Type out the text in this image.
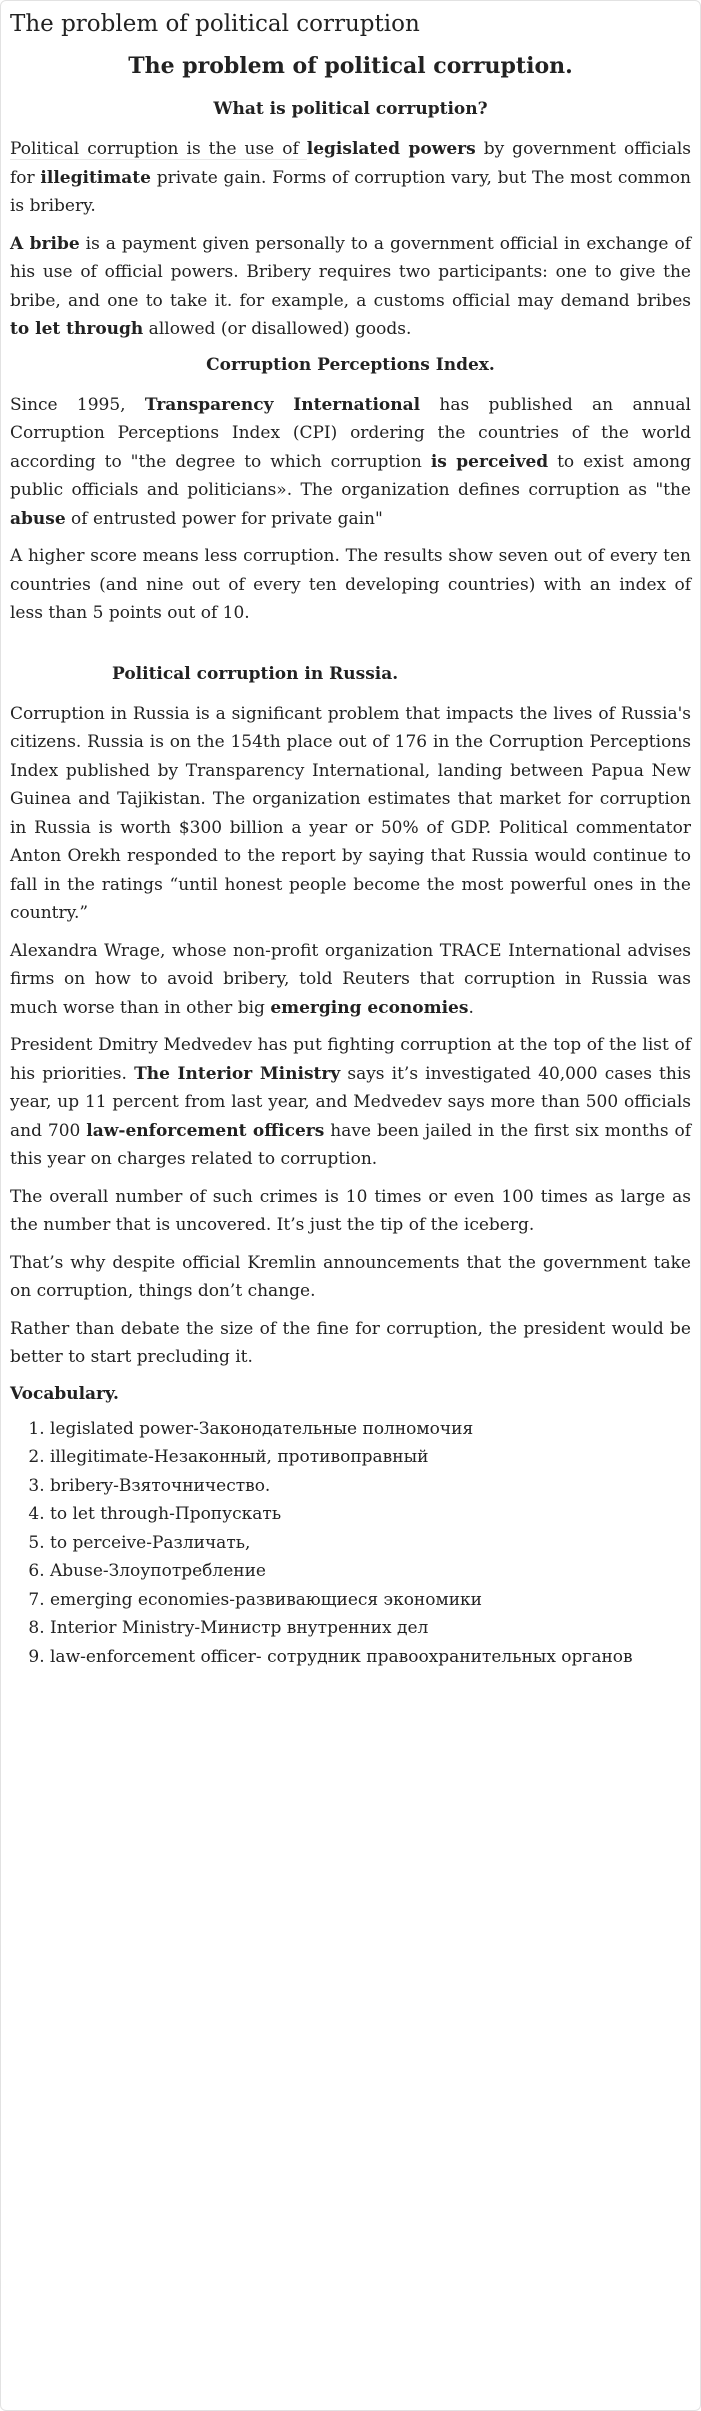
The problem of political corruption
The problem of political corruption.
What is political corruption?

Political corruption is the use of legislated powers by government officials for illegitimate private gain. Forms of corruption vary, but The most common is bribery.

A bribe is a payment given personally to a government official in exchange of his use of official powers. Bribery requires two participants: one to give the bribe, and one to take it. for example, a customs official may demand bribes to let through allowed (or disallowed) goods.

Corruption Perceptions Index.

Since 1995, Transparency International has published an annual Corruption Perceptions Index (CPI) ordering the countries of the world according to "the degree to which corruption is perceived to exist among public officials and politicians». The organization defines corruption as "the abuse of entrusted power for private gain"

A higher score means less corruption. The results show seven out of every ten countries (and nine out of every ten developing countries) with an index of less than 5 points out of 10.

Political corruption in Russia.

Corruption in Russia is a significant problem that impacts the lives of Russia's citizens. Russia is on the 154th place out of 176 in the Corruption Perceptions Index published by Transparency International, landing between Papua New Guinea and Tajikistan. The organization estimates that market for corruption in Russia is worth $300 billion a year or 50% of GDP. Political commentator Anton Orekh responded to the report by saying that Russia would continue to fall in the ratings “until honest people become the most powerful ones in the country.”

Alexandra Wrage, whose non-profit organization TRACE International advises firms on how to avoid bribery, told Reuters that corruption in Russia was much worse than in other big emerging economies.

President Dmitry Medvedev has put fighting corruption at the top of the list of his priorities. The Interior Ministry says it’s investigated 40,000 cases this year, up 11 percent from last year, and Medvedev says more than 500 officials and 700 law-enforcement officers have been jailed in the first six months of this year on charges related to corruption.

The overall number of such crimes is 10 times or even 100 times as large as the number that is uncovered. It’s just the tip of the iceberg.

That’s why despite official Kremlin announcements that the government take on corruption, things don’t change.

Rather than debate the size of the fine for corruption, the president would be better to start precluding it.

Vocabulary.

1. legislated power-Законодательные полномочия
2. illegitimate-Незаконный, противоправный
3. bribery-Взяточничество.
4. to let through-Пропускать
5. to perceive-Различать,
6. Abuse-Злоупотребление
7. emerging economies-развивающиеся экономики
8. Interior Ministry-Министр внутренних дел
9. law-enforcement officer- сотрудник правоохранительных органов
